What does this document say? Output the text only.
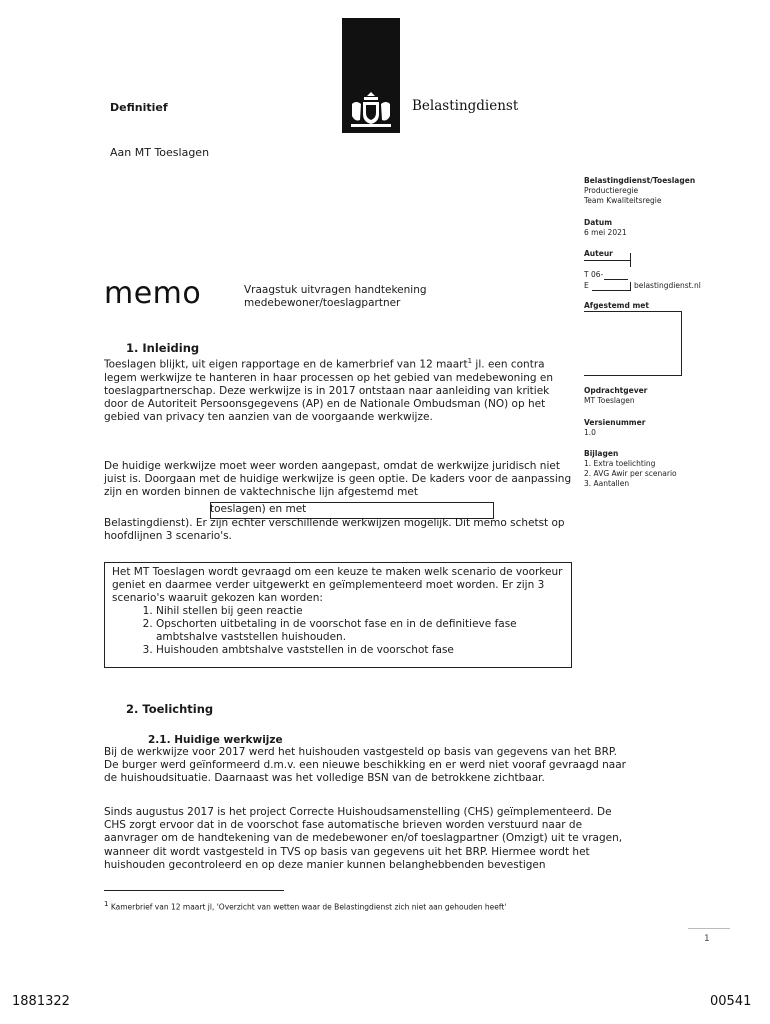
Belastingdienst
Definitief
Aan MT Toeslagen
Belastingdienst/Toeslagen
Productieregie
Team Kwaliteitsregie
Datum
6 mei 2021
Auteur
T 06-
E	belastingdienst.nl
Afgestemd met
Opdrachtgever
MT Toeslagen
Versienummer
1.0
Bijlagen
1. Extra toelichting
2. AVG Awir per scenario
3. Aantallen
memo	Vraagstuk uitvragen handtekening
medebewoner/toeslagpartner
1. Inleiding
Toeslagen blijkt, uit eigen rapportage en de kamerbrief van 12 maart$^1$ jl. een contra legem werkwijze te hanteren in haar processen op het gebied van medebewoning en toeslagpartnerschap. Deze werkwijze is in 2017 ontstaan naar aanleiding van kritiek door de Autoriteit Persoonsgegevens (AP) en de Nationale Ombudsman (NO) op het gebied van privacy ten aanzien van de voorgaande werkwijze.
De huidige werkwijze moet weer worden aangepast, omdat de werkwijze juridisch niet juist is. Doorgaan met de huidige werkwijze is geen optie. De kaders voor de aanpassing zijn en worden binnen de vaktechnische lijn afgestemd met
toeslagen) en met
Belastingdienst). Er zijn echter verschillende werkwijzen mogelijk. Dit memo schetst op hoofdlijnen 3 scenario's.
Het MT Toeslagen wordt gevraagd om een keuze te maken welk scenario de voorkeur geniet en daarmee verder uitgewerkt en geïmplementeerd moet worden. Er zijn 3 scenario's waaruit gekozen kan worden:
1. Nihil stellen bij geen reactie
2. Opschorten uitbetaling in de voorschot fase en in de definitieve fase ambtshalve vaststellen huishouden.
3. Huishouden ambtshalve vaststellen in de voorschot fase
2. Toelichting
2.1. Huidige werkwijze
Bij de werkwijze voor 2017 werd het huishouden vastgesteld op basis van gegevens van het BRP. De burger werd geïnformeerd d.m.v. een nieuwe beschikking en er werd niet vooraf gevraagd naar de huishoudsituatie. Daarnaast was het volledige BSN van de betrokkene zichtbaar.
Sinds augustus 2017 is het project Correcte Huishoudsamenstelling (CHS) geïmplementeerd. De CHS zorgt ervoor dat in de voorschot fase automatische brieven worden verstuurd naar de aanvrager om de handtekening van de medebewoner en/of toeslagpartner (Omzigt) uit te vragen, wanneer dit wordt vastgesteld in TVS op basis van gegevens uit het BRP. Hiermee wordt het huishouden gecontroleerd en op deze manier kunnen belanghebbenden bevestigen
$^1$ Kamerbrief van 12 maart jl, 'Overzicht van wetten waar de Belastingdienst zich niet aan gehouden heeft'
1
1881322	00541
